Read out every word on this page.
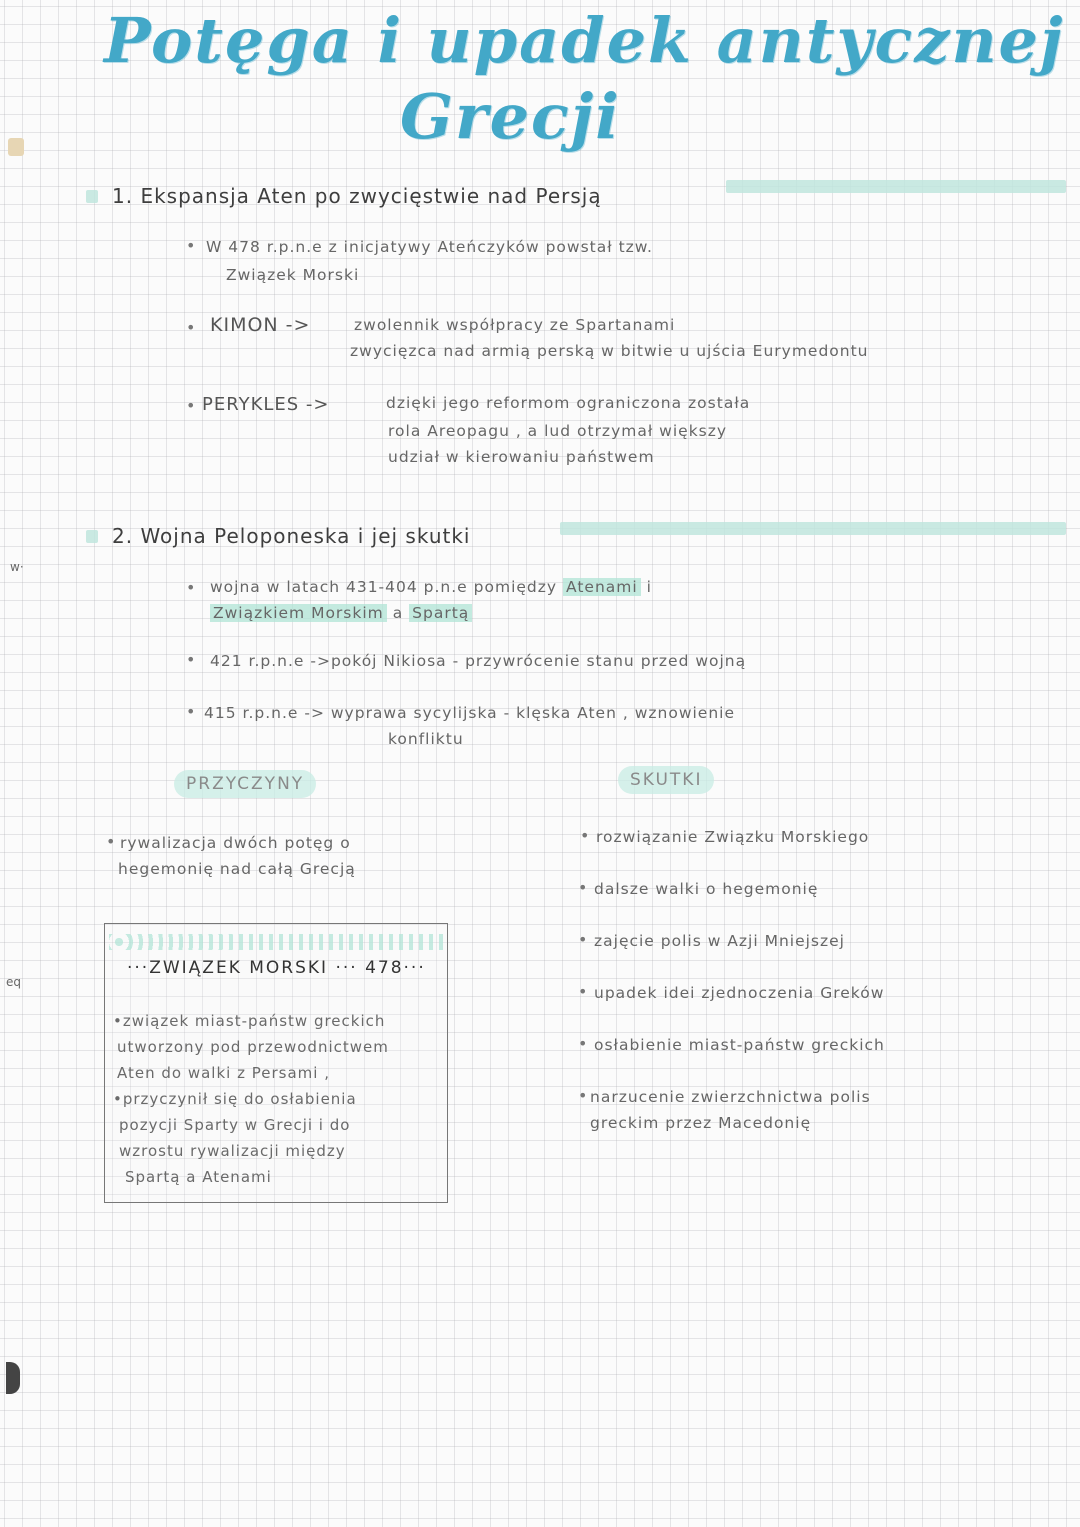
Potęga i upadek antycznej
Grecji
w·
eq
1. Ekspansja Aten po zwycięstwie nad Persją
• W 478 r.p.n.e z inicjatywy Ateńczyków powstał tzw.
Związek Morski
• KIMON ->	zwolennik współpracy ze Spartanami
zwycięzca nad armią perską w bitwie u ujścia Eurymedontu
• PERYKLES ->	dzięki jego reformom ograniczona została
rola Areopagu , a lud otrzymał większy
udział w kierowaniu państwem
2. Wojna Peloponeska i jej skutki
• wojna w latach 431-404 p.n.e pomiędzy Atenami i
Związkiem Morskim a Spartą
• 421 r.p.n.e ->pokój Nikiosa - przywrócenie stanu przed wojną
• 415 r.p.n.e -> wyprawa sycylijska - klęska Aten , wznowienie
konfliktu
PRZYCZYNY
• rywalizacja dwóch potęg o
hegemonię nad całą Grecją
SKUTKI
• rozwiązanie Związku Morskiego
• dalsze walki o hegemonię
• zajęcie polis w Azji Mniejszej
• upadek idei zjednoczenia Greków
• osłabienie miast-państw greckich
• narzucenie zwierzchnictwa polis
greckim przez Macedonię
···ZWIĄZEK MORSKI ··· 478···
•związek miast-państw greckich
utworzony pod przewodnictwem
Aten do walki z Persami ,
•przyczynił się do osłabienia
pozycji Sparty w Grecji i do
wzrostu rywalizacji między
Spartą a Atenami
